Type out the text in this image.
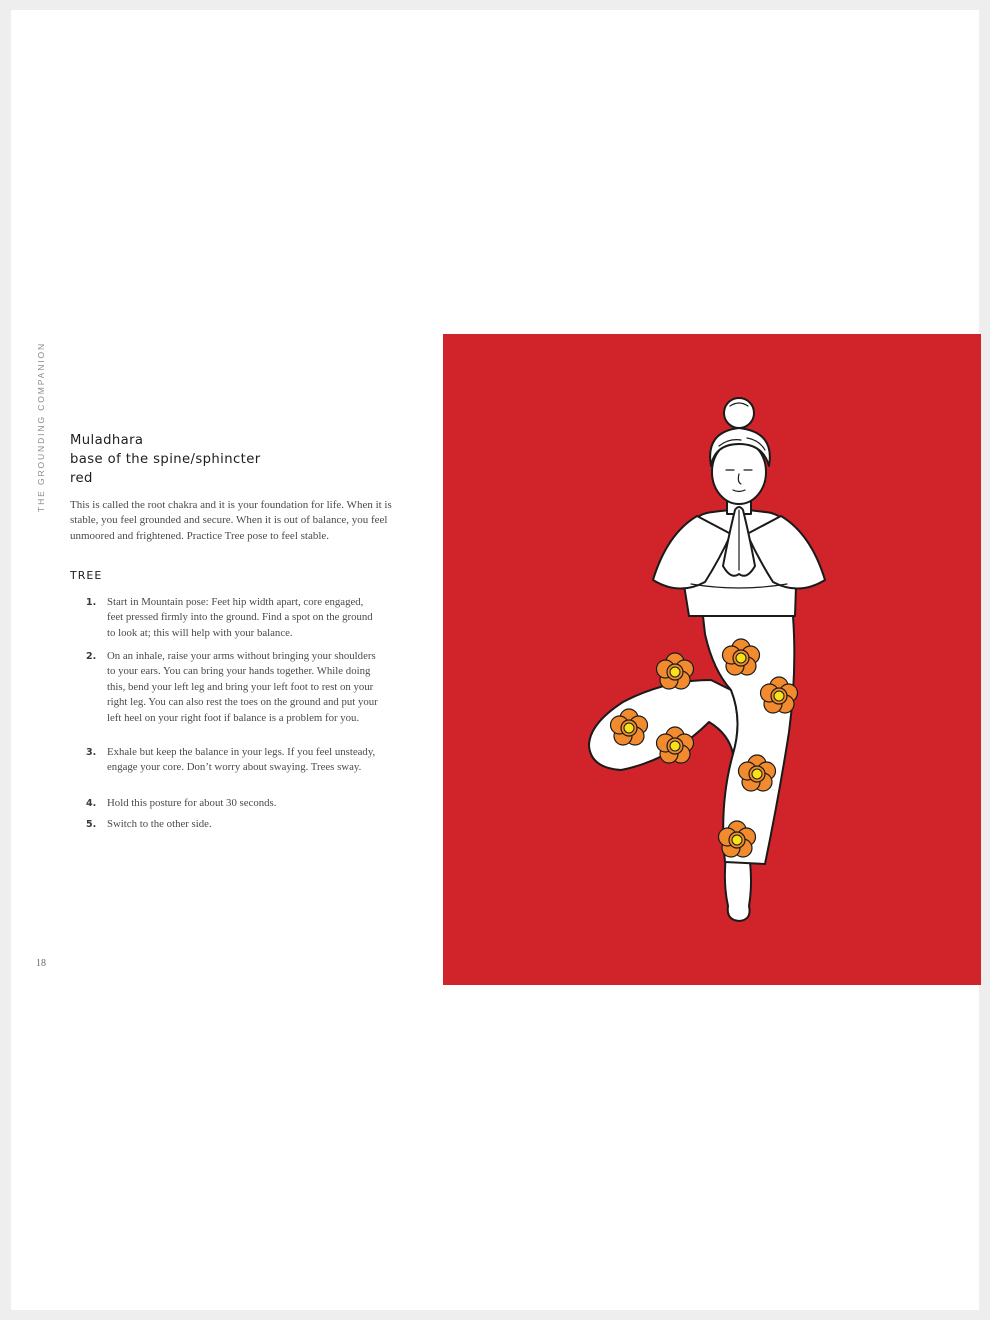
THE GROUNDING COMPANION Muladhara
base of the spine/sphincter
red

This is called the root chakra and it is your foundation for life. When it is stable, you feel grounded and secure. When it is out of balance, you feel unmoored and frightened. Practice Tree pose to feel stable.

TREE
1. Start in Mountain pose: Feet hip width apart, core engaged, feet pressed firmly into the ground. Find a spot on the ground to look at; this will help with your balance.
2. On an inhale, raise your arms without bringing your shoulders to your ears. You can bring your hands together. While doing this, bend your left leg and bring your left foot to rest on your right leg. You can also rest the toes on the ground and put your left heel on your right foot if balance is a problem for you.
3. Exhale but keep the balance in your legs. If you feel unsteady, engage your core. Don’t worry about swaying. Trees sway.
4. Hold this posture for about 30 seconds.
5. Switch to the other side.
18
